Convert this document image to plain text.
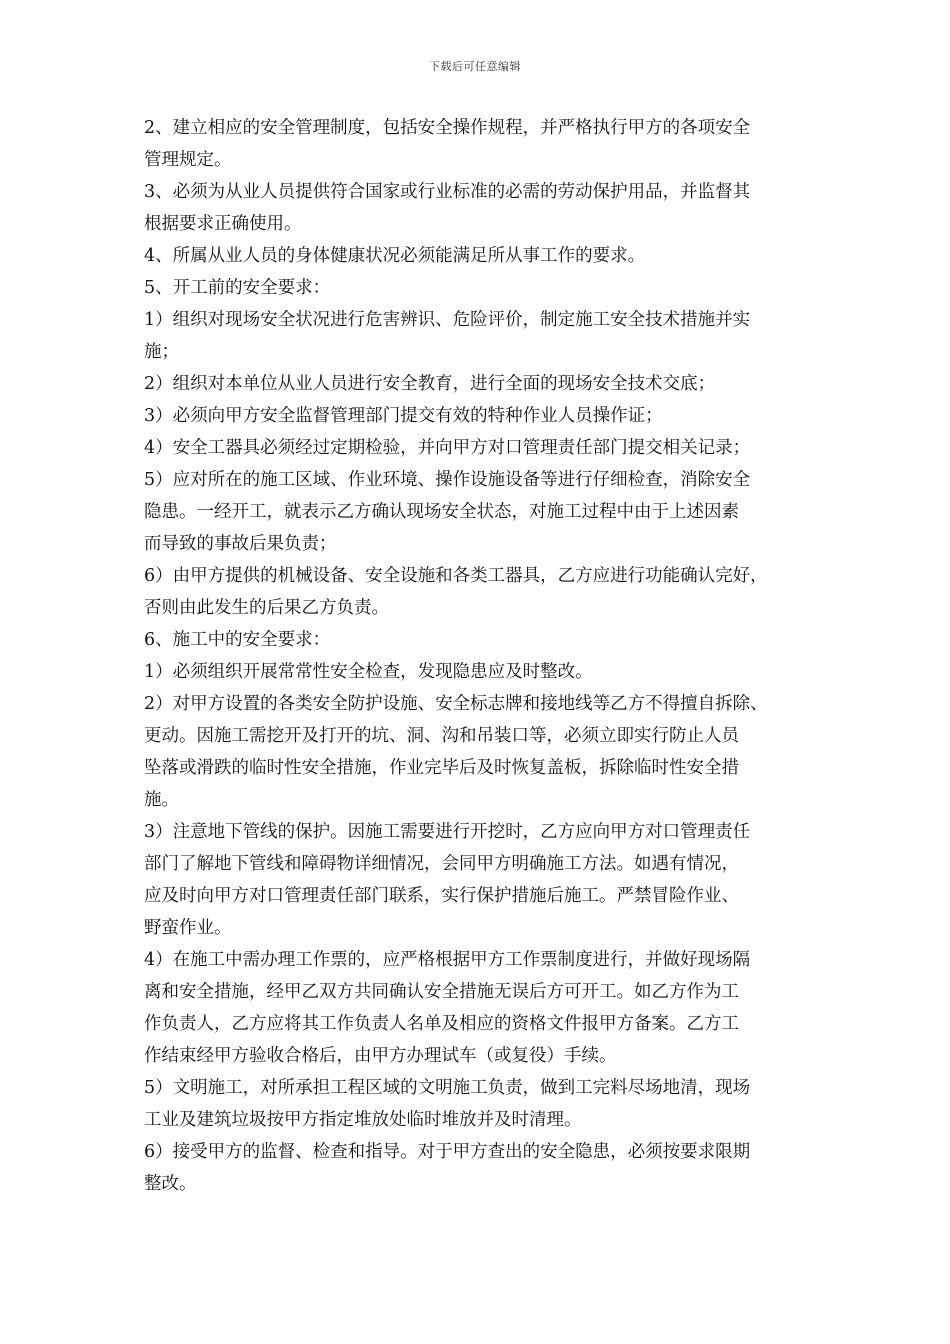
下载后可任意编辑

2、建立相应的安全管理制度，包括安全操作规程，并严格执行甲方的各项安全
管理规定。

3、必须为从业人员提供符合国家或行业标准的必需的劳动保护用品，并监督其
根据要求正确使用。

4、所属从业人员的身体健康状况必须能满足所从事工作的要求。

5、开工前的安全要求：

1）组织对现场安全状况进行危害辨识、危险评价，制定施工安全技术措施并实
施；

2）组织对本单位从业人员进行安全教育，进行全面的现场安全技术交底；

3）必须向甲方安全监督管理部门提交有效的特种作业人员操作证；

4）安全工器具必须经过定期检验，并向甲方对口管理责任部门提交相关记录；

5）应对所在的施工区域、作业环境、操作设施设备等进行仔细检查，消除安全
隐患。一经开工，就表示乙方确认现场安全状态，对施工过程中由于上述因素
而导致的事故后果负责；

6）由甲方提供的机械设备、安全设施和各类工器具，乙方应进行功能确认完好，
否则由此发生的后果乙方负责。

6、施工中的安全要求：

1）必须组织开展常常性安全检查，发现隐患应及时整改。

2）对甲方设置的各类安全防护设施、安全标志牌和接地线等乙方不得擅自拆除、
更动。因施工需挖开及打开的坑、洞、沟和吊装口等，必须立即实行防止人员
坠落或滑跌的临时性安全措施，作业完毕后及时恢复盖板，拆除临时性安全措
施。

3）注意地下管线的保护。因施工需要进行开挖时，乙方应向甲方对口管理责任
部门了解地下管线和障碍物详细情况，会同甲方明确施工方法。如遇有情况，
应及时向甲方对口管理责任部门联系，实行保护措施后施工。严禁冒险作业、
野蛮作业。

4）在施工中需办理工作票的，应严格根据甲方工作票制度进行，并做好现场隔
离和安全措施，经甲乙双方共同确认安全措施无误后方可开工。如乙方作为工
作负责人，乙方应将其工作负责人名单及相应的资格文件报甲方备案。乙方工
作结束经甲方验收合格后，由甲方办理试车（或复役）手续。

5）文明施工，对所承担工程区域的文明施工负责，做到工完料尽场地清，现场
工业及建筑垃圾按甲方指定堆放处临时堆放并及时清理。

6）接受甲方的监督、检查和指导。对于甲方查出的安全隐患，必须按要求限期
整改。
